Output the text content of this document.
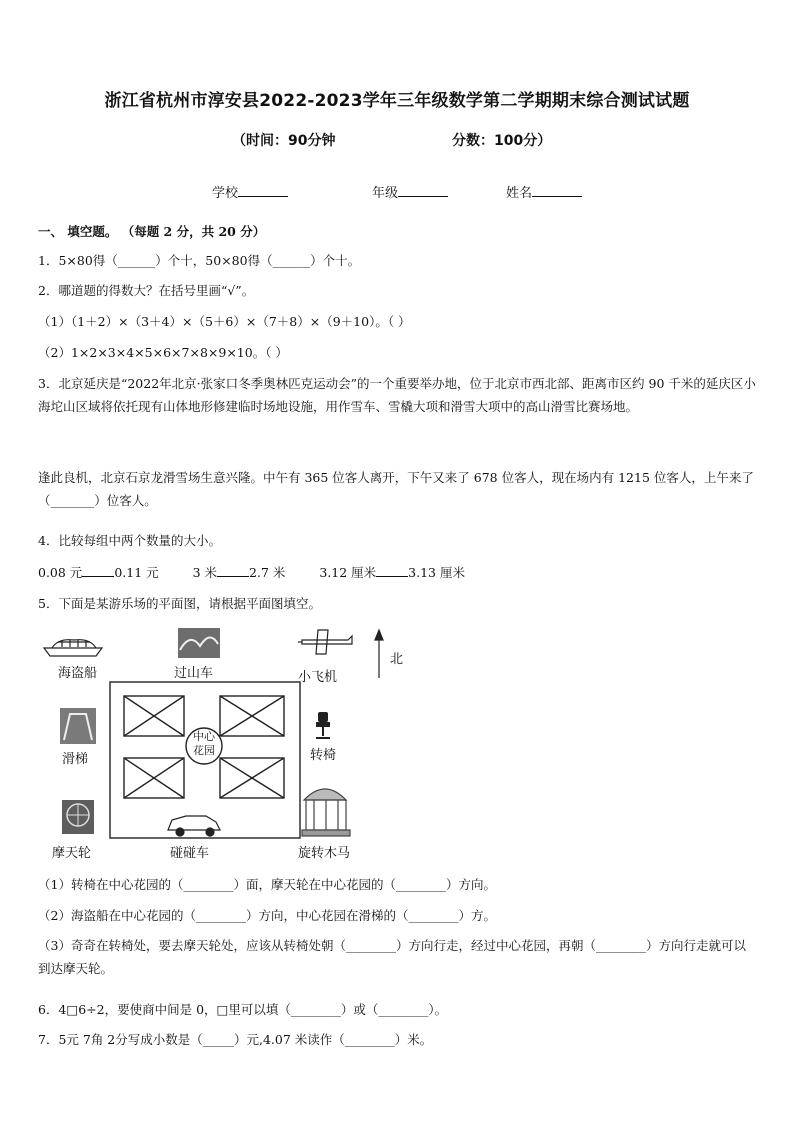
浙江省杭州市淳安县2022-2023学年三年级数学第二学期期末综合测试试题
（时间：90分钟	分数：100分）
学校	年级	姓名
一、 填空题。 （每题 2 分，共 20 分）
1．5×80得（______）个十，50×80得（______）个十。
2．哪道题的得数大？在括号里画“√”。
（1）（1＋2）×（3＋4）×（5＋6）×（7＋8）×（9＋10）。（ ）
（2）1×2×3×4×5×6×7×8×9×10。（ ）
3．北京延庆是“2022年北京·张家口冬季奥林匹克运动会”的一个重要举办地，位于北京市西北部、距离市区约 90 千米的延庆区小海坨山区域将依托现有山体地形修建临时场地设施，用作雪车、雪橇大项和滑雪大项中的高山滑雪比赛场地。
逢此良机，北京石京龙滑雪场生意兴隆。中午有 365 位客人离开，下午又来了 678 位客人，现在场内有 1215 位客人，上午来了（_______）位客人。
4．比较每组中两个数量的大小。
0.08 元	0.11 元	3 米	2.7 米	3.12 厘米	3.13 厘米
5．下面是某游乐场的平面图，请根据平面图填空。
海盗船	过山车	小飞机
北
滑梯
中心花园	转椅
摩天轮	碰碰车	旋转木马
（1）转椅在中心花园的（________）面，摩天轮在中心花园的（________）方向。
（2）海盗船在中心花园的（________）方向，中心花园在滑梯的（________）方。
（3）奇奇在转椅处，要去摩天轮处，应该从转椅处朝（________）方向行走，经过中心花园，再朝（________）方向行走就可以到达摩天轮。
6．4□6÷2，要使商中间是 0，□里可以填（________）或（________）。
7．5元 7角 2分写成小数是（_____）元,4.07 米读作（________）米。
